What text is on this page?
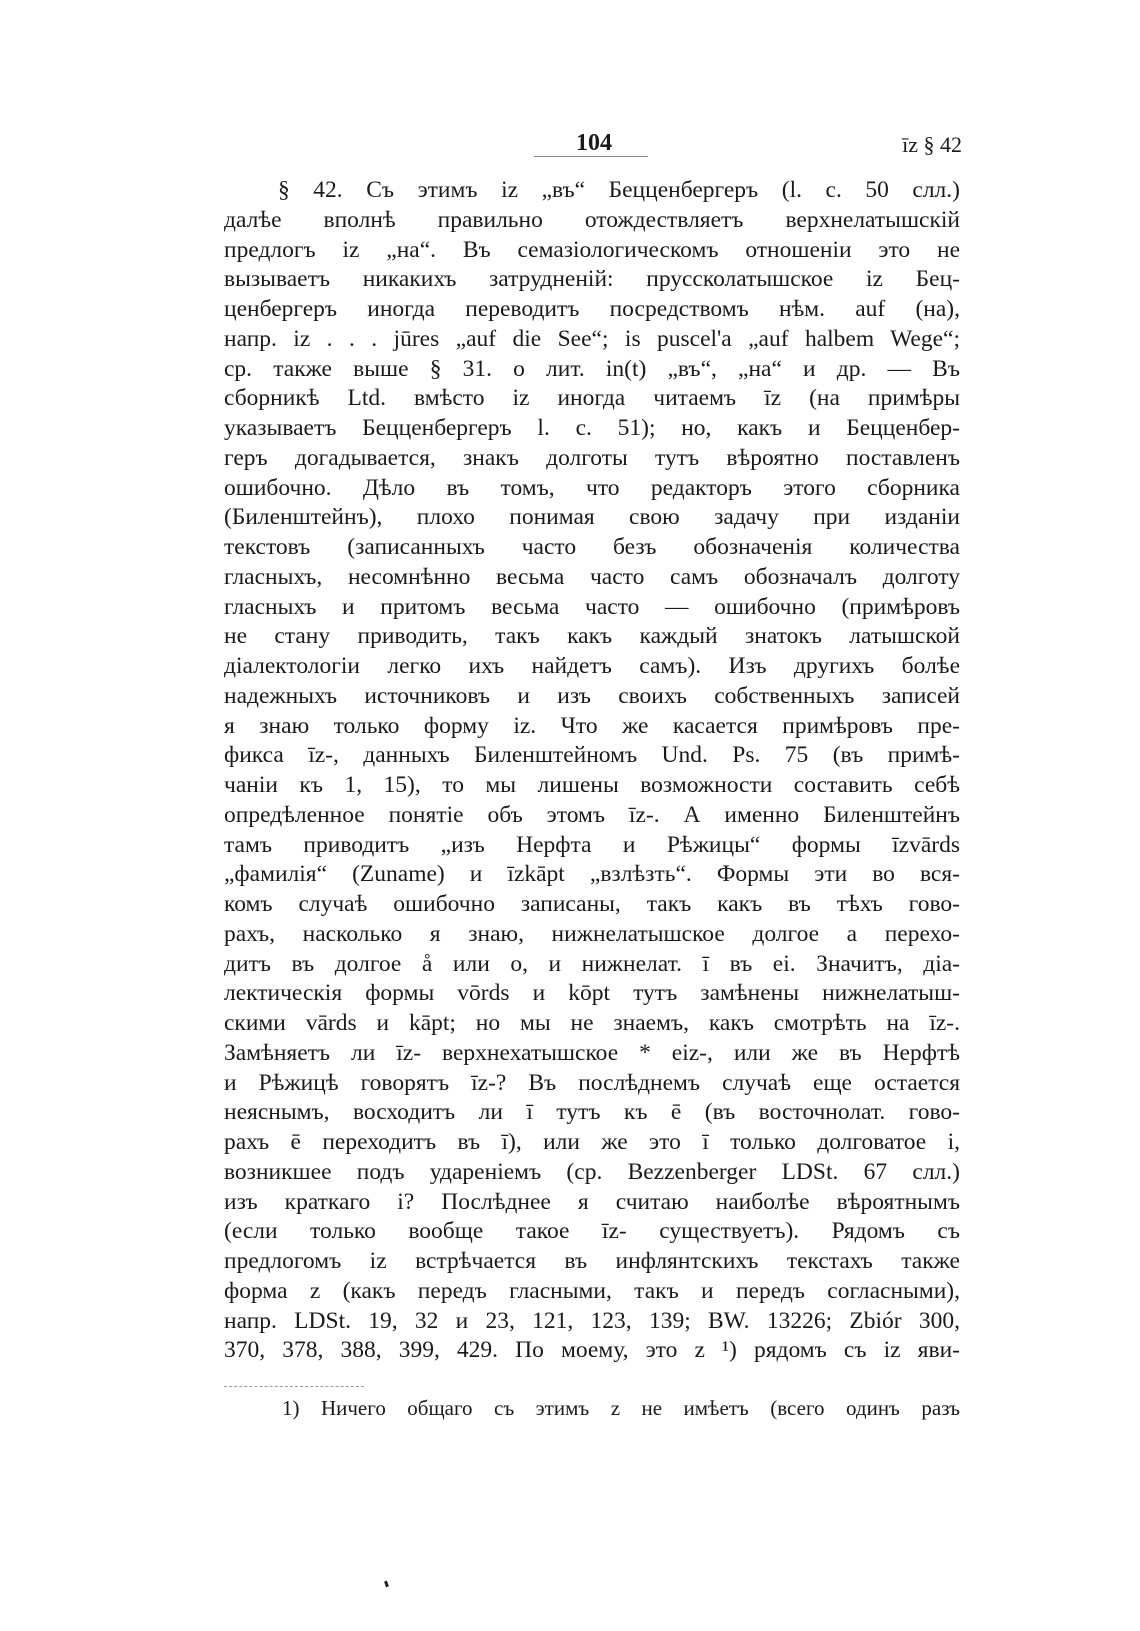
104	īz § 42
§ 42. Съ этимъ iz „въ“ Бецценбергеръ (l. с. 50 слл.)
далѣе вполнѣ правильно отождествляетъ верхнелатышскій
предлогъ iz „на“. Въ семазіологическомъ отношеніи это не
вызываетъ никакихъ затрудненій: прусcколатышское iz Бец-
ценбергеръ иногда переводитъ посредствомъ нѣм. auf (на),
напр. iz . . . jūres „auf die See“; is puscel'a „auf halbem Wege“;
ср. также выше § 31. о лит. in(t) „въ“, „на“ и др. — Въ
сборникѣ Ltd. вмѣсто iz иногда читаемъ īz (на примѣры
указываетъ Бецценбергеръ l. с. 51); но, какъ и Бецценбер-
геръ догадывается, знакъ долготы тутъ вѣроятно поставленъ
ошибочно. Дѣло въ томъ, что редакторъ этого сборника
(Биленштейнъ), плохо понимая свою задачу при изданіи
текстовъ (записанныхъ часто безъ обозначенія количества
гласныхъ, несомнѣнно весьма часто самъ обозначалъ долготу
гласныхъ и притомъ весьма часто — ошибочно (примѣровъ
не стану приводить, такъ какъ каждый знатокъ латышской
діалектологіи легко ихъ найдетъ самъ). Изъ другихъ болѣе
надежныхъ источниковъ и изъ своихъ собственныхъ записей
я знаю только форму iz. Что же касается примѣровъ пре-
фикса īz-, данныхъ Биленштейномъ Und. Ps. 75 (въ примѣ-
чаніи къ 1, 15), то мы лишены возможности составить себѣ
опредѣленное понятіе объ этомъ īz-. А именно Биленштейнъ
тамъ приводитъ „изъ Нерфта и Рѣжицы“ формы īzvārds
„фамилія“ (Zuname) и īzkāpt „взлѣзть“. Формы эти во вся-
комъ случаѣ ошибочно записаны, такъ какъ въ тѣхъ гово-
рахъ, насколько я знаю, нижнелатышское долгое а перехо-
дитъ въ долгое å или о, и нижнелат. ī въ ei. Значитъ, діа-
лектическія формы vōrds и kōpt тутъ замѣнены нижнелатыш-
скими vārds и kāpt; но мы не знаемъ, какъ смотрѣть на īz-.
Замѣняетъ ли īz- верхнехатышское * eiz-, или же въ Нерфтѣ
и Рѣжицѣ говорятъ īz-? Въ послѣднемъ случаѣ еще остается
неяснымъ, восходитъ ли ī тутъ къ ē (въ восточнолат. гово-
рахъ ē переходитъ въ ī), или же это ī только долговатое i,
возникшее подъ удареніемъ (ср. Bezzenberger LDSt. 67 слл.)
изъ краткаго i? Послѣднее я считаю наиболѣе вѣроятнымъ
(если только вообще такое īz- существуетъ). Рядомъ съ
предлогомъ iz встрѣчается въ инфлянтскихъ текстахъ также
форма z (какъ передъ гласными, такъ и передъ согласными),
напр. LDSt. 19, 32 и 23, 121, 123, 139; BW. 13226; Zbiór 300,
370, 378, 388, 399, 429. По моему, это z ¹) рядомъ съ iz яви-
1) Ничего общаго съ этимъ z не имѣетъ (всего одинъ разъ
